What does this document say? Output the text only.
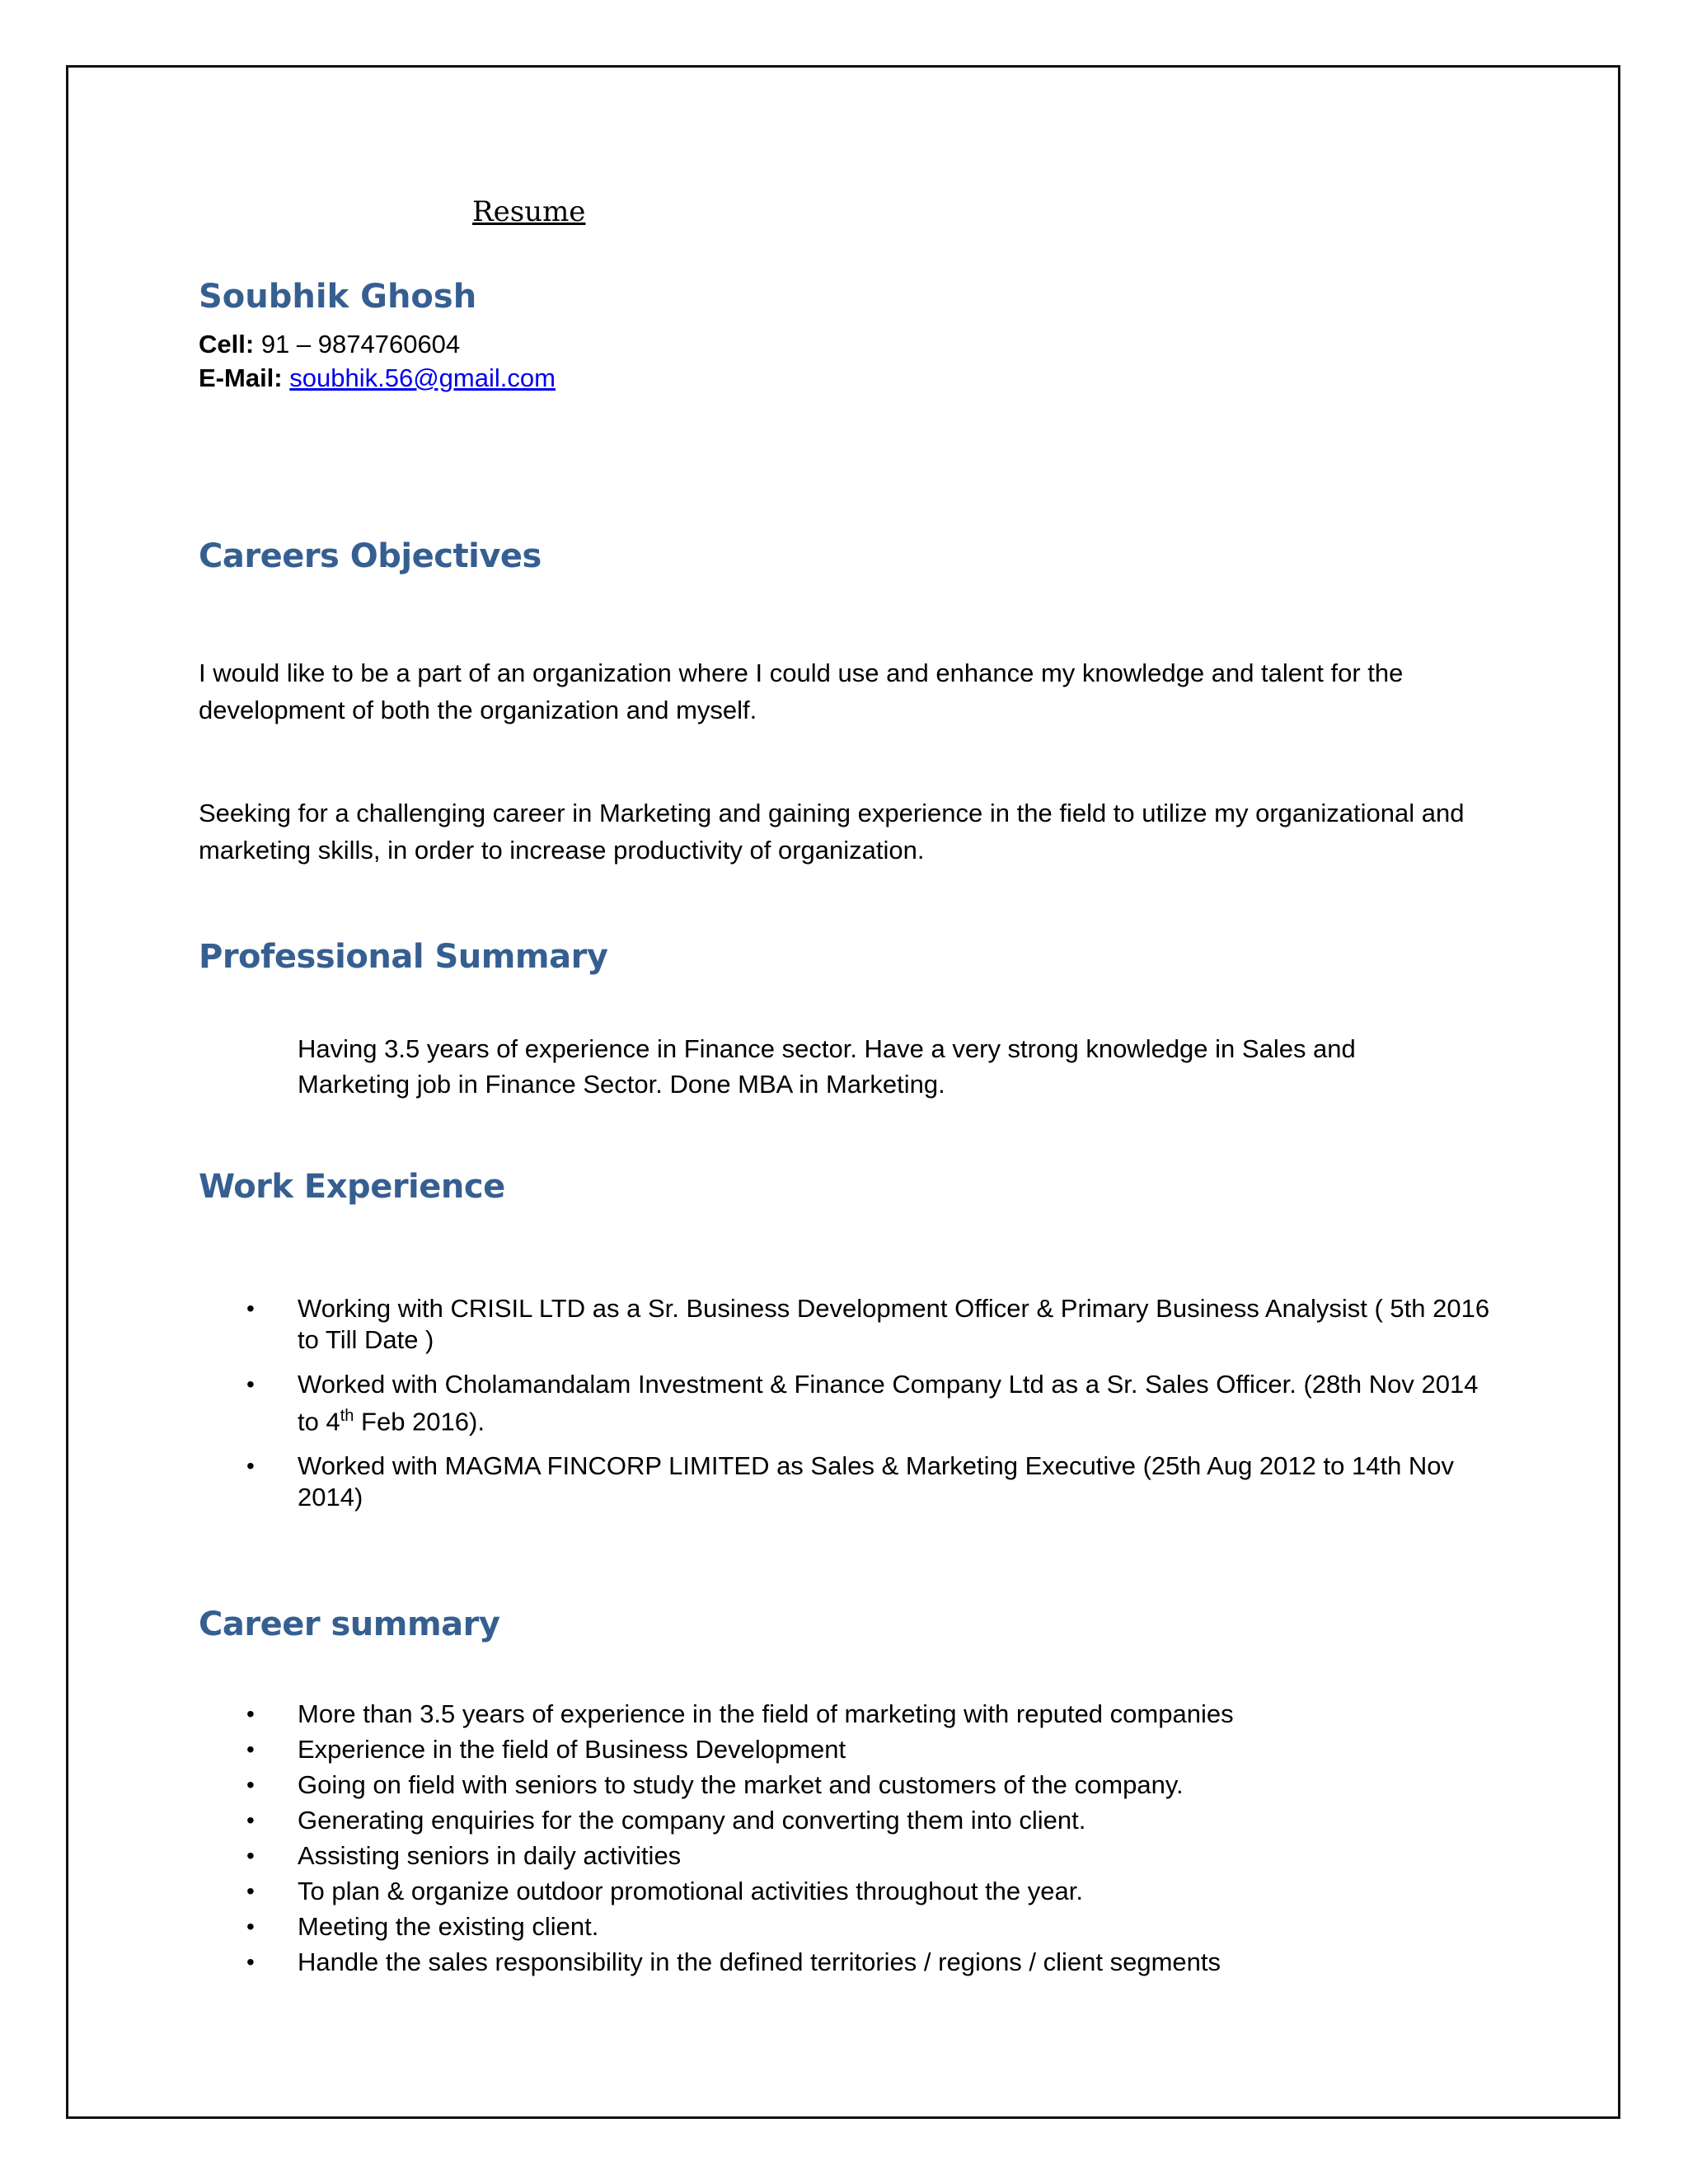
Resume
Soubhik Ghosh
Cell: 91 – 9874760604
E-Mail: soubhik.56@gmail.com
Careers Objectives

I would like to be a part of an organization where I could use and enhance my knowledge and talent for the development of both the organization and myself.

Seeking for a challenging career in Marketing and gaining experience in the field to utilize my organizational and marketing skills, in order to increase productivity of organization.

Professional Summary

Having 3.5 years of experience in Finance sector. Have a very strong knowledge in Sales and Marketing job in Finance Sector. Done MBA in Marketing.

Work Experience
• Working with CRISIL LTD as a Sr. Business Development Officer & Primary Business Analysist ( 5th 2016 to Till Date )
• Worked with Cholamandalam Investment & Finance Company Ltd as a Sr. Sales Officer. (28th Nov 2014 to 4th Feb 2016).
• Worked with MAGMA FINCORP LIMITED as Sales & Marketing Executive (25th Aug 2012 to 14th Nov 2014)
Career summary
• More than 3.5 years of experience in the field of marketing with reputed companies
• Experience in the field of Business Development
• Going on field with seniors to study the market and customers of the company.
• Generating enquiries for the company and converting them into client.
• Assisting seniors in daily activities
• To plan & organize outdoor promotional activities throughout the year.
• Meeting the existing client.
• Handle the sales responsibility in the defined territories / regions / client segments
